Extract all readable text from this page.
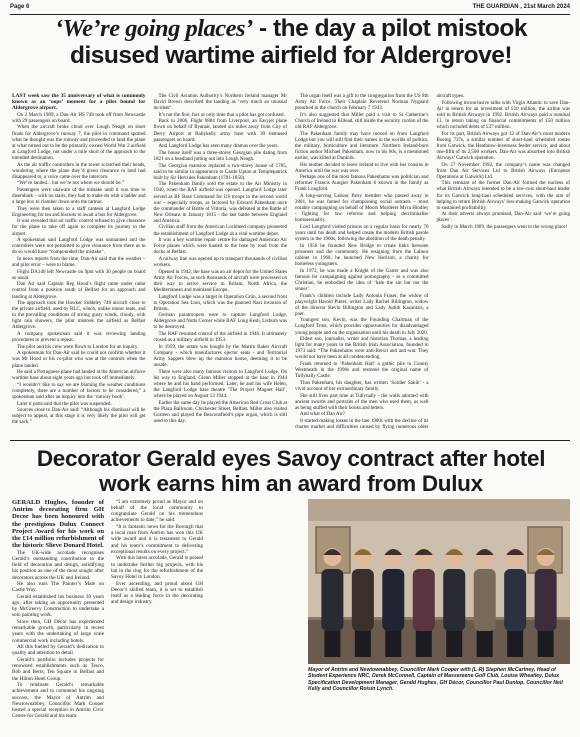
Page 6	THE GUARDIAN , 21st March 2024
‘We’re going places’ - the day a pilot mistook disused wartime airfield for Aldergrove!

LAST week saw the 35 anniversary of what is commonly known as an ‘oops’ moment for a pilot bound for Aldergrove airport.

On 2 March 1989, a Dan-Air HS 748 took off from Newcastle with 29 passengers on board.

When the aircraft broke cloud over Lough Neagh on short finals for Aldergrove’s runway 7, the pilot in command spotted what he thought was the runway and proceeded to land the plane at what turned out to be the primarily owned World War 2 airfield at Langford Lodge, not under a mile short of the approach to the intended destination.

As the air traffic controllers in the tower scratched their heads, wondering where the plane they’d given clearance to land had disappeared to, a voice came over the intercom.

“We’ve landed... but we’re not where we should be.”

Passengers were unaware of the mistake until it was time to disembark – with no stairs, they had to make do with a ladder and a large box to clamber down onto the tarmac.

They were then taken to a staff canteen at Langford Lodge Engineering for tea and biscuits to await a bus for Aldergrove.

It was revealed that air traffic control refused to give clearance for the plane to take off again to complete its journey to the airport.

A spokesman said Langford Lodge was unmanned and the controllers were not permitted to give clearance from there as to do so would have “compounded the mistake”.

In news reports from the time, Dan-Air said that the weather – and pilot error – were to blame.

Flight DA140 left Newcastle on 9pm with 30 people on board as usual.

Dan Air said Captain Reg Hood’s flight came under radar control from a position south of Belfast for an approach and landing at Aldergrove.

The approach took the Hawker Siddeley 748 aircraft close to the private airfield, used by RLC, which, unlike motor seats, and in the prevailing conditions of strong gusty winds, cloudy, with light rain showers, the pilot mistook the airfield as Belfast Aldergrove.

A company spokesman said it was reviewing landing procedures to prevent a repeat.

The pilot and his crew were flown to London for an inquiry.

A spokesman for Dan-Air said he could not confirm whether it was Mr Hood or his co-pilot who was at the controls when the plane landed.

He said a Portuguese plane had landed at the American airforce wartime base about eight years ago but took off immediately.

“I wouldn’t like to say we are blaming the weather conditions completely, there are a number of factors to be considered,” a spokesman said after an inquiry into the ‘runway boob’.

Later it potts said that the pilot was suspended.

Sources close to Dan-Air said: “Although his dismissal will be subject to appeal, at this stage it is very likely the pilot will get the sack.”

The Civil Aviation Authority’s Northern Ireland manager Mr David Brown described the landing as ‘very much an unusual incident’.

It’s not the first, fact or only time that a pilot has got confused.

Back in 2006, Flight 9884 from Liverpool, an Easyjet plane flown on behalf of Ryanair, landed six miles away from City of Derry Airport at Ballykelly army base with 39 bemused passengers on board.

And Langford Lodge has seen many dramas over the years.

The house itself was a three-storey Georgian pile dating from 1821 on a headland jutting out into Lough Neagh.

The Georgian mansion replaced a two-storey house of 1785, said to be similar in appearance to Castle Upton at Templepatrick built by Sir Hercules Pakenham (1781-1850).

The Pakenham family sold the estate to the Air Ministry in 1940, when the RAF airfield was opened. Langford Lodge later served as RF Base Command for US troops in the second world war – especially troops, as factored by Edward Pakenham once the commander of Battle of Vittoria, was defeated at the Battle of New Orleans in January 1815 - the last battle between England and America.

Civilian staff from the American Lockheed company pioneered the establishment of Langford Lodge as a vital wartime depot.

It was a key wartime repair centre for damaged American Air Force planes which were hauled to the base by road from the docks at Belfast.

A railway line was opened up to transport thousands of civilian workers.

Opened in 1942, the base was an air depot for the United States Army Air Forces, as such thousands of aircraft were processed on their way to active service in Britain, North Africa, the Mediterranean and mainland Europe.

Langford Lodge was a target in Operation Grün, a second front to Operation Sea Lion, which was the planned Nazi invasion of Britain.

German paratroopers were to capture Langford Lodge, Aldergrove and Nutts Corner while RAF Long Kesh, Lisburn was to be destroyed.

The RAF resumed control of the airfield in 1946. It ultimately closed as a military airfield in 1953.

In 1959, the estate was bought by the Martin Baker Aircraft Company - which manufactures ejector seats - and Territorial Army Sappers blew up the mansion house, deeming it to be unsafe.

There were also many famous visitors to Langford Lodge. On his way to England, Glenn Miller stopped at the base in 1944 where he and his band performed. Later, he and his wife Helen, the Langford Lodge base theatre ‘The Project Magnet Hall’, where he played on August 13 1944.

Earlier the same day he played the American Red Cross Club at the Plaza Ballroom, Chichester Street, Belfast. Miller also visited Gurteen and played the Beaconsfield’s pipe organ, which is still used to this day.

The organ itself was a gift to the congregation from the US 8th Army Air Force. Their Chaplain Reverend Norman Nygaard preached in the church on February 7 1943.

It’s also suggested that Miller paid a visit to St Catherine’s Church of Ireland in Killead, still inside the security cordon of the old RAF Aldergrove.

The Pakenham family may have moved on from Langford Lodge but you will still find their names in the worlds of politics, the military, horticulture and literature. Northern Ireland-born fiction author Michael Pakenham, now in his 80s, is a mentioned earlier, was killed at Dunkirk.

His mother decided to leave Ireland to live with her cousins in America until the war was over.

Perhaps one of the most famous Pakenhams was politician and reformer Francis Aungier Pakenham 6 known in the family as Frank Longford.

A long-serving Labour Party member who passed away in 2001, he was famed for championing social outcasts – most notably campaigning on behalf of Moors Murderer Myra Hindley - fighting for law reforms and helping decriminalise homosexuality.

Lord Longford visited prisons on a regular basis for nearly 70 years until his death and helped create the modern British parole system in the 1960s, following the abolition of the death penalty.

In 1956 he founded New Bridge to create links between prisoners and the community. He resigning from the Labour cabinet in 1968, he launched New Horizon, a charity for homeless youngsters.

In 1972, he was made a Knight of the Garter and was also famous for campaigning against pornography - as a committed Christian, he embodied the idea of ‘hate the sin but not the sinner’.

Frank’s children include Lady Antonia Fraser, the widow of playwright Harold Pinter, writer Lady Rachel Billington, widow of the director Kevin Billington and Lady Judith Kazantzis, a poet.

Youngest son, Kevin, was the Founding Chairman of the Longford Trust, which provides opportunities for disadvantaged young people and on the organisation until his death in July 2020.

Eldest son, journalist, writer and historian Thomas, a leading light for many years in the British Irish Association, founded in 1973 said: “The Pakenhams were anti-Brexit and anti-war. They would not have been at all condescending.

Frank returned to ‘Pakenham Hall’ a gothic pile in County Westmeath in the 1990s and restored the original name of Tullynally Castle.

Thos Pakenham, his daughter, has written ‘Soldier Sahib’ - a vivid account of her extraordinary family.

She still lives part time at Tullynally - the walls adorned with ancient swords and portraits of the men who used them, as well as being stuffed with their books and letters.

And what of Dan Air?

It started making losses in the late 1980s with the decline of its charter market and difficulties caused by flying numerous older aircraft types.

Following inconclusive talks with Virgin Atlantic to save Dan-Air in return for an investment of £10 million, the airline was sold to British Airways in 1992. British Airways paid a nominal £1, in return taking on financial commitments of £50 million which included debts of £37 million.

For its part, British Airways got 12 of Dan-Air’s most modern Boeing 737s, a similar number of short-haul scheduled routes from Gatwick, the Heathrow-Inverness feeder service, and about one-fifth of its 2,500 workers. Dan-Air was absorbed into British Airways’ Gatwick operation.

On 27 November 1992, the company’s name was changed from Dan Air Services Ltd to British Airways (European Operations at Gatwick) Ltd.

This remnant of the former Dan-Air formed the nucleus of what British Airways intended to be a low-cost short-haul leader for its Gatwick long-haul scheduled services, with the aim of helping to return British Airways’ loss-making Gatwick operation to sustained profitability.

At their adverts always promised, Dan-Air said ‘we’re going places’.

Sadly in March 1989, the passengers went to the wrong place!

Decorator Gerald eyes Savoy contract after hotel work earns him an award from Dulux

GERALD Hughes, founder of Antrim decorating firm GH Decor has been honoured with the prestigious Dulux Connect Project Award for his work on the £14 million refurbishment of the historic Slieve Donard Hotel.

The UK-wide accolade recognises Gerald’s outstanding contribution to the field of decoration and design, solidifying his position as one of the most sought after decorators across the UK and Ireland.

He also runs The Painter’s Mate on Castle Way.

Gerald established his business 30 years ago, after taking an opportunity presented by McGreevy Construction to undertake a solo painting work.

Since then, GH Décor has experienced remarkable growth, particularly in recent years with the undertaking of large scale commercial work including hotels.

All this fuelled by Gerald’s dedication to quality and attention to detail.

Gerald’s portfolio includes projects for renowned establishments such as Tesco, Bob and Berts, Ten Square in Belfast and the Hilton Hotel Group.

To celebrate Gerald’s remarkable achievement and to commend his ongoing success, the Mayor of Antrim and Newtownabbey, Councillor Mark Cooper hosted a special reception in Antrim Civic Centre for Gerald and his team.

“I am extremely proud as Mayor and on behalf of the local community to congratulate Gerald on his tremendous achievements to date,” he said.

“It is fantastic news for the Borough that a local man from Antrim has won this UK wide award and it is testament to Gerald and his team’s commitment to delivering exceptional results on every project.”

With this latest accolade, Gerald is poised to undertake further big projects, with his hat in the ring for the refurbishment of the Savoy Hotel in London.

Ever ascending, and proud about GH Decor’s skilled team, it is set to establish itself as a leading force in the decorating and design industry.

Mayor of Antrim and Newtownabbey, Councillor Mark Cooper with (L-R) Stephen McCartney, Head of Student Experience NRC, Derek McConnell, Captain of Massereene Golf Club, Louise Wheatley, Dulux Specification Development Manager, Gerald Hughes, GH Décor, Councillor Paul Dunlop, Councillor Neil Kelly and Councillor Roisin Lynch.
